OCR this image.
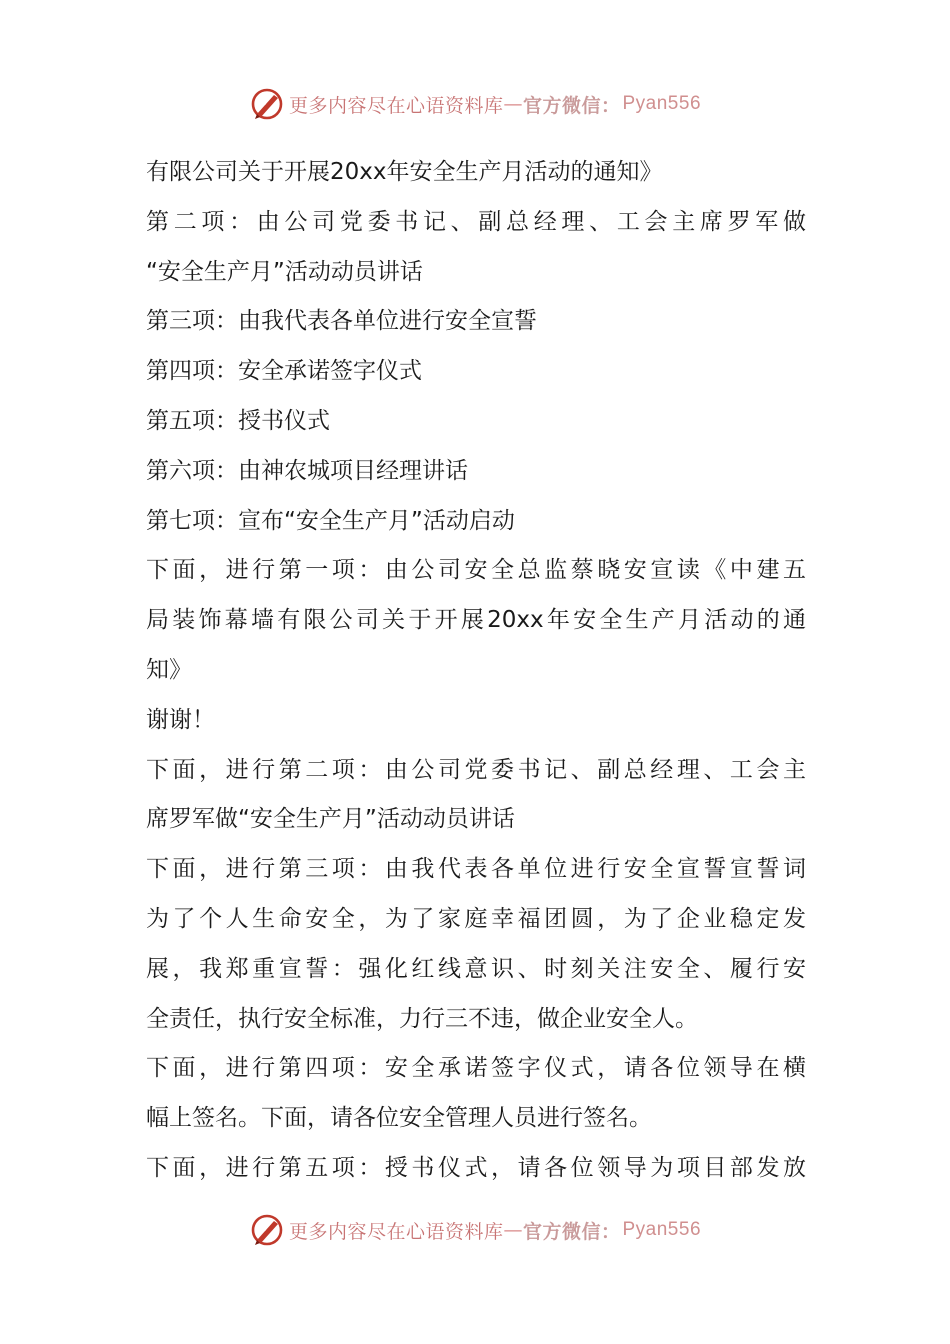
更多内容尽在心语资料库 — 官方微信： Pyan556
有限公司关于开展20xx年安全生产月活动的通知》
第二项：由公司党委书记、副总经理、工会主席罗军做
“安全生产月”活动动员讲话
第三项：由我代表各单位进行安全宣誓
第四项：安全承诺签字仪式
第五项：授书仪式
第六项：由神农城项目经理讲话
第七项：宣布“安全生产月”活动启动
下面，进行第一项：由公司安全总监蔡晓安宣读《中建五
局装饰幕墙有限公司关于开展20xx年安全生产月活动的通
知》
谢谢！
下面，进行第二项：由公司党委书记、副总经理、工会主
席罗军做“安全生产月”活动动员讲话
下面，进行第三项：由我代表各单位进行安全宣誓宣誓词
为了个人生命安全，为了家庭幸福团圆，为了企业稳定发
展，我郑重宣誓：强化红线意识、时刻关注安全、履行安
全责任，执行安全标准，力行三不违，做企业安全人。
下面，进行第四项：安全承诺签字仪式，请各位领导在横
幅上签名。下面，请各位安全管理人员进行签名。
下面，进行第五项：授书仪式，请各位领导为项目部发放
更多内容尽在心语资料库 — 官方微信： Pyan556
